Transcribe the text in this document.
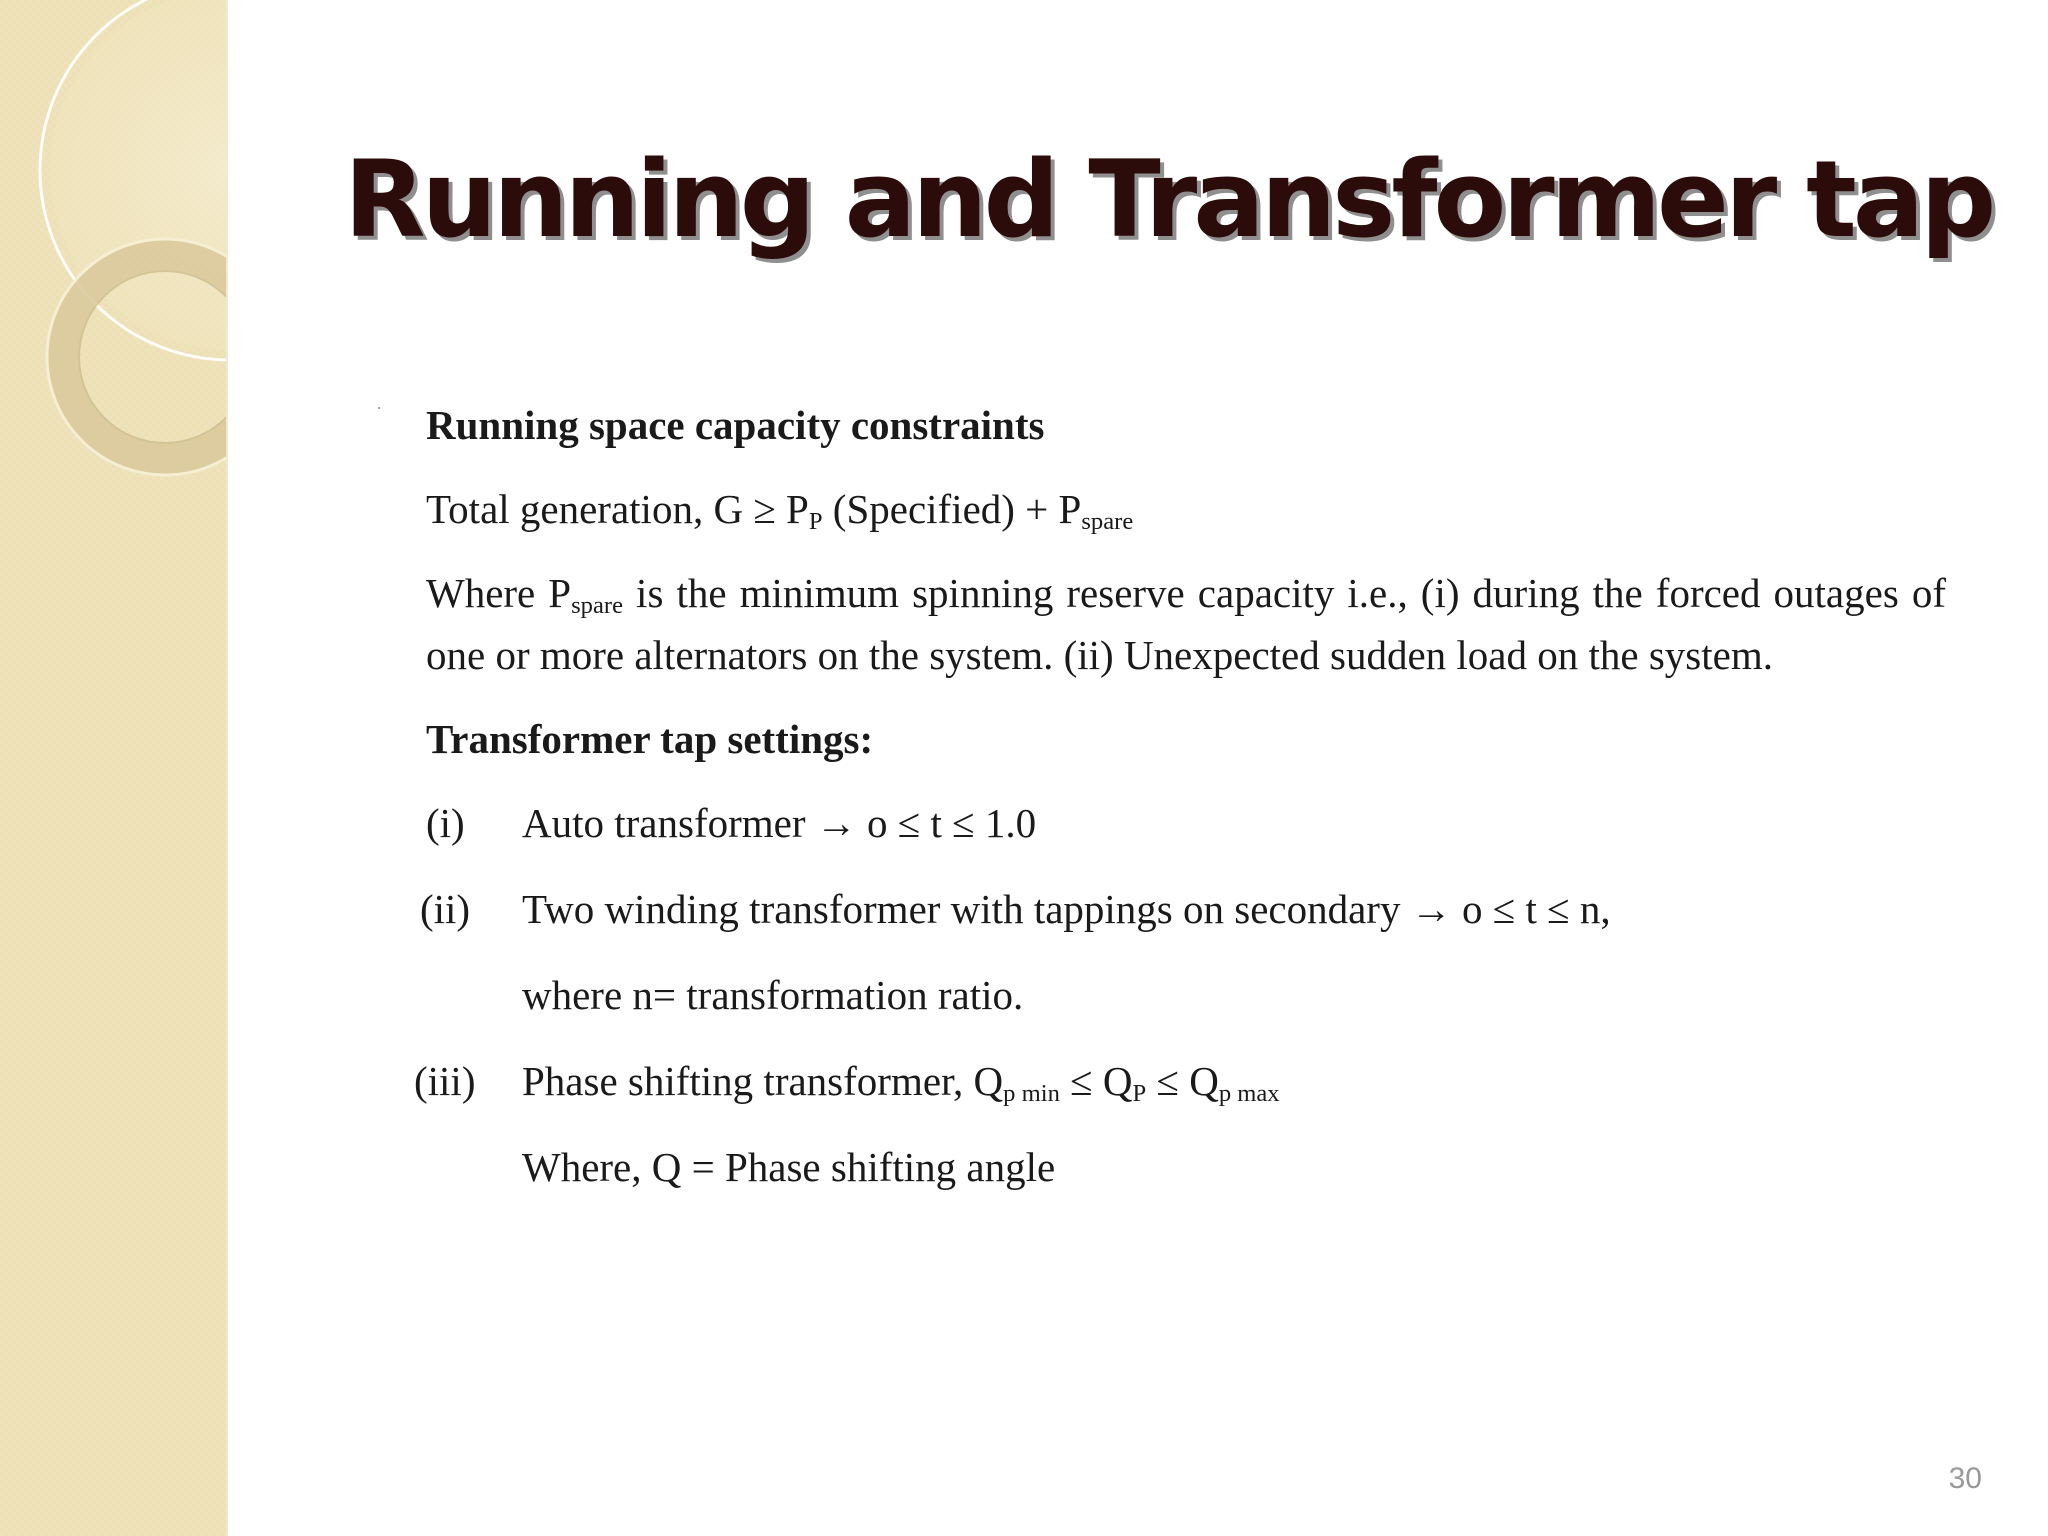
Running and Transformer tap

Running space capacity constraints

Total generation, $G \ge P_P$ (Specified) + $P_{spare}$

Where $P_{spare}$ is the minimum spinning reserve capacity i.e., (i) during the forced outages of one or more alternators on the system. (ii) Unexpected sudden load on the system.

Transformer tap settings:

(i)	Auto transformer → o ≤ t ≤ 1.0
(ii)	Two winding transformer with tappings on secondary → o ≤ t ≤ n,
where n= transformation ratio.
(iii)	Phase shifting transformer, $Q_{p min} \le Q_P \le Q_{p max}$
Where, Q = Phase shifting angle
30
